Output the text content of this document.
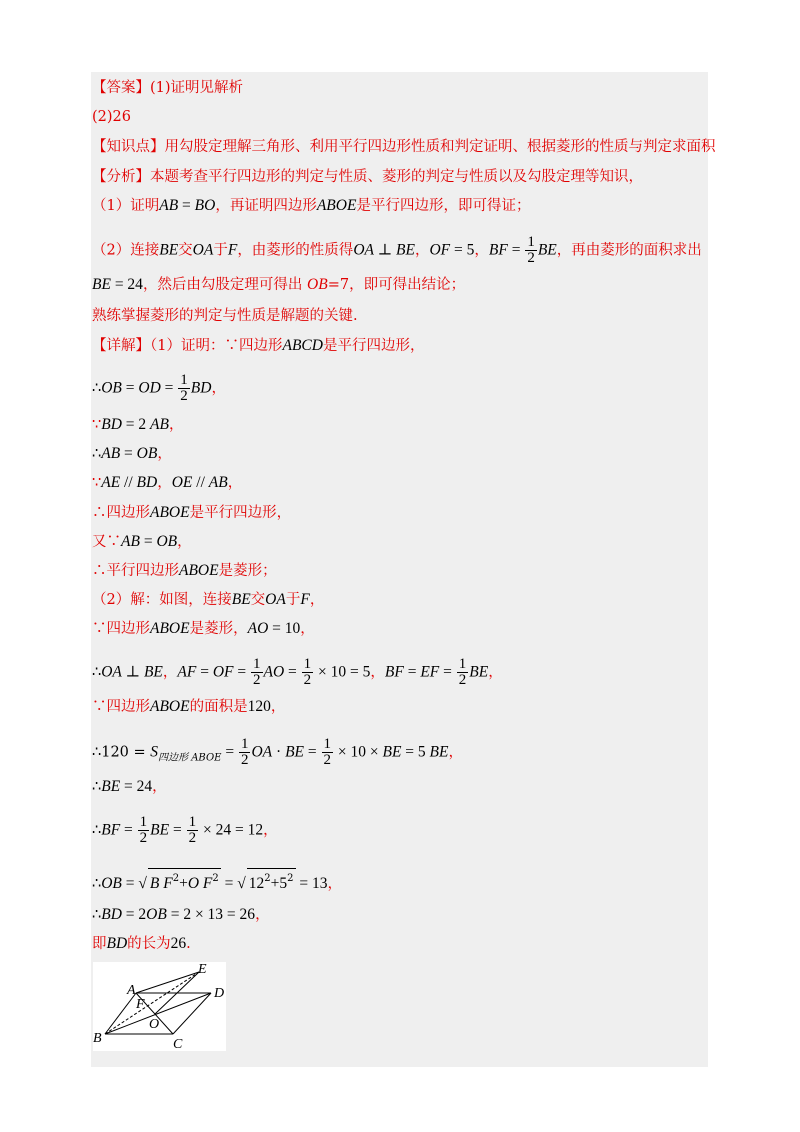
【答案】(1)证明见解析
(2)26
【知识点】用勾股定理解三角形、利用平行四边形性质和判定证明、根据菱形的性质与判定求面积
【分析】本题考查平行四边形的判定与性质、菱形的判定与性质以及勾股定理等知识，
（1）证明AB = BO，再证明四边形ABOE是平行四边形，即可得证；
（2）连接BE交OA于F，由菱形的性质得OA ⊥ BE，OF = 5，BF = $\frac{1}{2}$ BE，再由菱形的面积求出
BE = 24，然后由勾股定理可得出 OB=7，即可得出结论；
熟练掌握菱形的判定与性质是解题的关键.
【详解】（1）证明：∵四边形ABCD是平行四边形，
∴OB = OD = $\frac{1}{2}$ BD，
∵BD = 2 AB，
∴AB = OB，
∵AE // BD，OE // AB，
∴四边形ABOE是平行四边形，
又∵AB = OB，
∴平行四边形ABOE是菱形；
（2）解：如图，连接BE交OA于F，
∵四边形ABOE是菱形，AO = 10，
∴OA ⊥ BE，AF = OF = $\frac{1}{2}$ AO = $\frac{1}{2} \times 10 = 5$，BF = EF = $\frac{1}{2}$ BE，
∵四边形ABOE的面积是120，
∴120 = $S_{四边形 ABOE} = \frac{1}{2}$ OA · BE = $\frac{1}{2} \times 10$ × BE = 5 BE，
∴BE = 24，
∴BF = $\frac{1}{2}$ BE = $\frac{1}{2} \times 24 = 12$，
∴OB = √ B $F^2+O$ $F^2$ = √ $12^2+5^2 = 13$，
∴BD = 2OB = 2 × 13 = 26，
即BD的长为26.
A
B	C
D
E
F
O
